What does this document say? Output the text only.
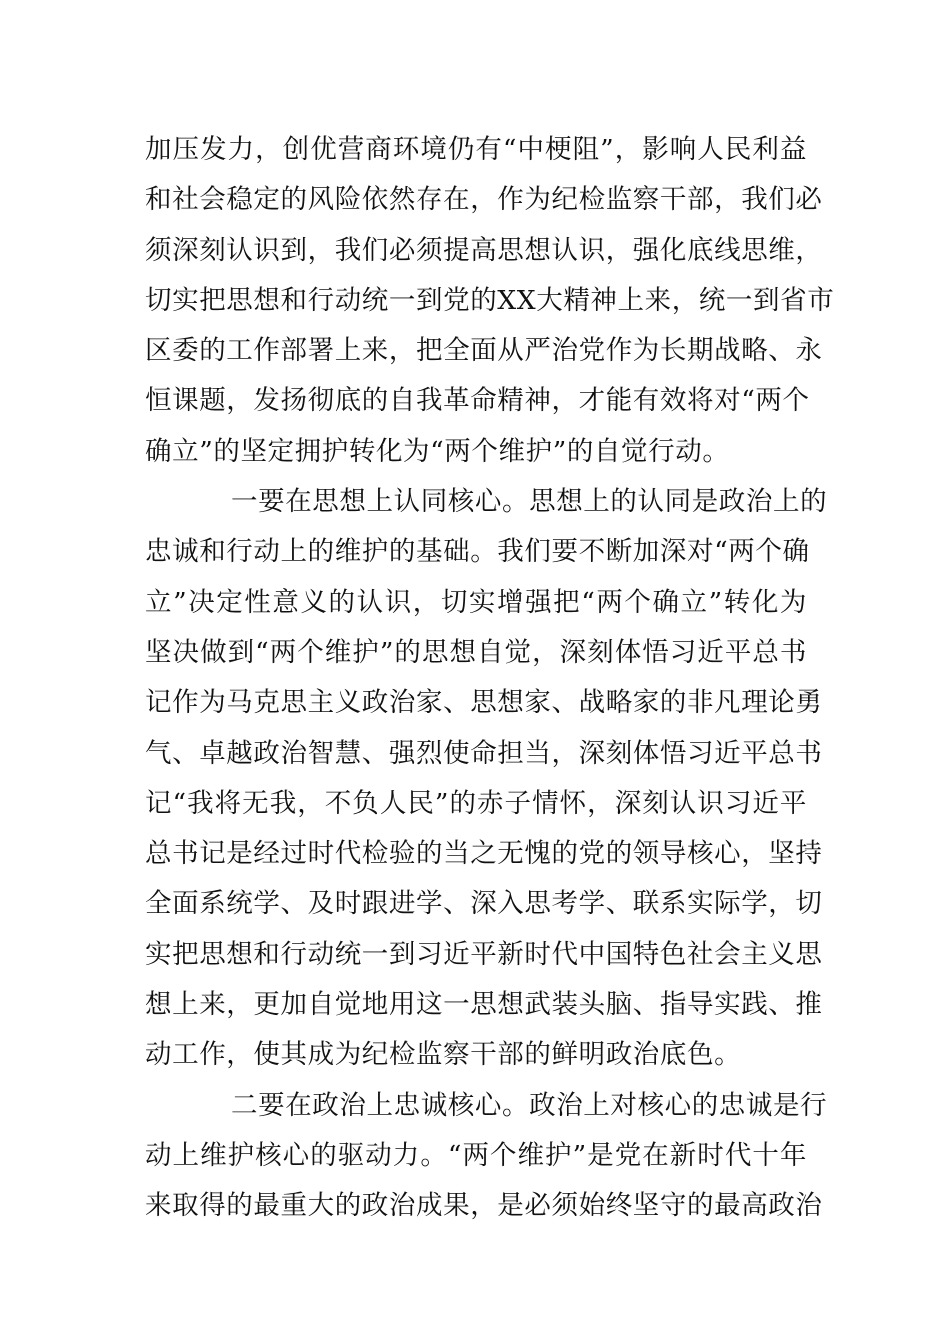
加压发力，创优营商环境仍有“中梗阻”，影响人民利益
和社会稳定的风险依然存在，作为纪检监察干部，我们必
须深刻认识到，我们必须提高思想认识，强化底线思维，
切实把思想和行动统一到党的XX大精神上来，统一到省市
区委的工作部署上来，把全面从严治党作为长期战略、永
恒课题，发扬彻底的自我革命精神，才能有效将对“两个
确立”的坚定拥护转化为“两个维护”的自觉行动。
一要在思想上认同核心。思想上的认同是政治上的
忠诚和行动上的维护的基础。我们要不断加深对“两个确
立”决定性意义的认识，切实增强把“两个确立”转化为
坚决做到“两个维护”的思想自觉，深刻体悟习近平总书
记作为马克思主义政治家、思想家、战略家的非凡理论勇
气、卓越政治智慧、强烈使命担当，深刻体悟习近平总书
记“我将无我，不负人民”的赤子情怀，深刻认识习近平
总书记是经过时代检验的当之无愧的党的领导核心，坚持
全面系统学、及时跟进学、深入思考学、联系实际学，切
实把思想和行动统一到习近平新时代中国特色社会主义思
想上来，更加自觉地用这一思想武装头脑、指导实践、推
动工作，使其成为纪检监察干部的鲜明政治底色。
二要在政治上忠诚核心。政治上对核心的忠诚是行
动上维护核心的驱动力。“两个维护”是党在新时代十年
来取得的最重大的政治成果，是必须始终坚守的最高政治
